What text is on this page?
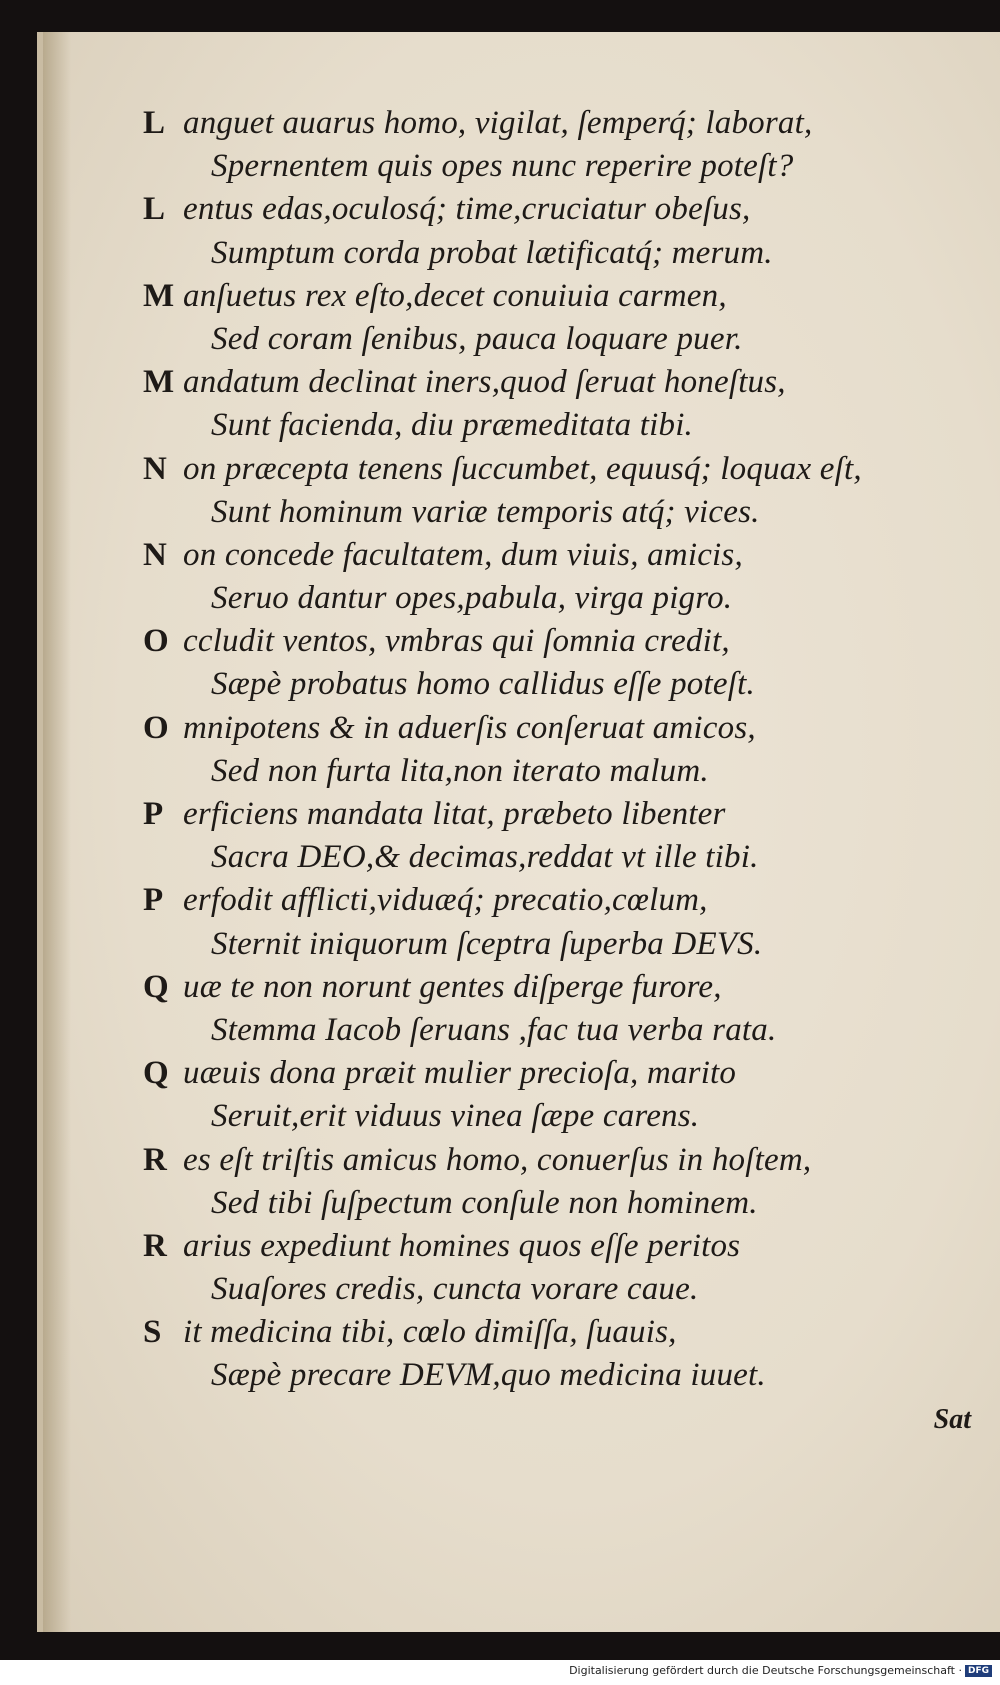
L anguet auarus homo, vigilat, ſemperq́; laborat,
Spernentem quis opes nunc reperire poteſt?
L entus edas,oculosq́; time,cruciatur obeſus,
Sumptum corda probat lætificatq́; merum.
M anſuetus rex eſto,decet conuiuia carmen,
Sed coram ſenibus, pauca loquare puer.
M andatum declinat iners,quod ſeruat honeſtus,
Sunt facienda, diu præmeditata tibi.
N on præcepta tenens ſuccumbet, equusq́; loquax eſt,
Sunt hominum variæ temporis atq́; vices.
N on concede facultatem, dum viuis, amicis,
Seruo dantur opes,pabula, virga pigro.
O ccludit ventos, vmbras qui ſomnia credit,
Sæpè probatus homo callidus eſſe poteſt.
O mnipotens & in aduerſis conſeruat amicos,
Sed non furta lita,non iterato malum.
P erficiens mandata litat, præbeto libenter
Sacra DEO,& decimas,reddat vt ille tibi.
P erfodit afflicti,viduæq́; precatio,cœlum,
Sternit iniquorum ſceptra ſuperba DEVS.
Q uæ te non norunt gentes diſperge furore,
Stemma Iacob ſeruans ,fac tua verba rata.
Q uæuis dona præit mulier precioſa, marito
Seruit,erit viduus vinea ſæpe carens.
R es eſt triſtis amicus homo, conuerſus in hoſtem,
Sed tibi ſuſpectum conſule non hominem.
R arius expediunt homines quos eſſe peritos
Suaſores credis, cuncta vorare caue.
S it medicina tibi, cœlo dimiſſa, ſuauis,
Sæpè precare DEVM,quo medicina iuuet.
Sat
Digitalisierung gefördert durch die Deutsche Forschungsgemeinschaft · DFG
